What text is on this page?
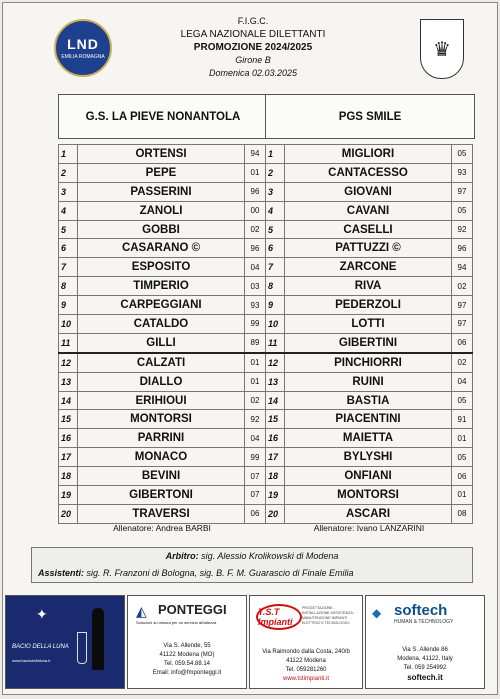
LND
EMILIA ROMAGNA
F.I.G.C.
LEGA NAZIONALE DILETTANTI
PROMOZIONE 2024/2025
Girone B
Domenica 02.03.2025
♛
G.S. LA PIEVE NONANTOLA	PGS SMILE
1	ORTENSI	94
2	PEPE	01
3	PASSERINI	96
4	ZANOLI	00
5	GOBBI	02
6	CASARANO ©	96
7	ESPOSITO	04
8	TIMPERIO	03
9	CARPEGGIANI	93
10	CATALDO	99
11	GILLI	89
12	CALZATI	01
13	DIALLO	01
14	ERIHIOUI	02
15	MONTORSI	92
16	PARRINI	04
17	MONACO	99
18	BEVINI	07
19	GIBERTONI	07
20	TRAVERSI	06
1	MIGLIORI	05
2	CANTACESSO	93
3	GIOVANI	97
4	CAVANI	05
5	CASELLI	92
6	PATTUZZI ©	96
7	ZARCONE	94
8	RIVA	02
9	PEDERZOLI	97
10	LOTTI	97
11	GIBERTINI	06
12	PINCHIORRI	02
13	RUINI	04
14	BASTIA	05
15	PIACENTINI	91
16	MAIETTA	01
17	BYLYSHI	05
18	ONFIANI	06
19	MONTORSI	01
20	ASCARI	08
Allenatore: Andrea BARBI	Allenatore: Ivano LANZARINI
Arbitro: sig. Alessio Krolikowski di Modena
Assistenti: sig. R. Franzoni di Bologna, sig. B. F. M. Guarascio di Finale Emilia
✦
BACIO DELLA LUNA
www.baciodellaluna.it
◭ PONTEGGI
Soluzioni su misura per un servizio all'altezza
Via S. Allende, 55
41122 Modena (MO)
Tel. 059.54.88.14
Email: info@fmponteggi.it
T.S.T Impianti
PROGETTAZIONE - INSTALLAZIONE ASSISTENZA - MANUTENZIONE IMPIANTI ELETTRICI E TECNOLOGICI
Via Raimondo dalla Costa, 240/b
41122 Modena
Tel. 059281260
www.tstimpianti.it
◆ softech
HUMAN & TECHNOLOGY
Via S. Allende 86
Modena, 41122, Italy
Tel. 059 254992
softech.it
